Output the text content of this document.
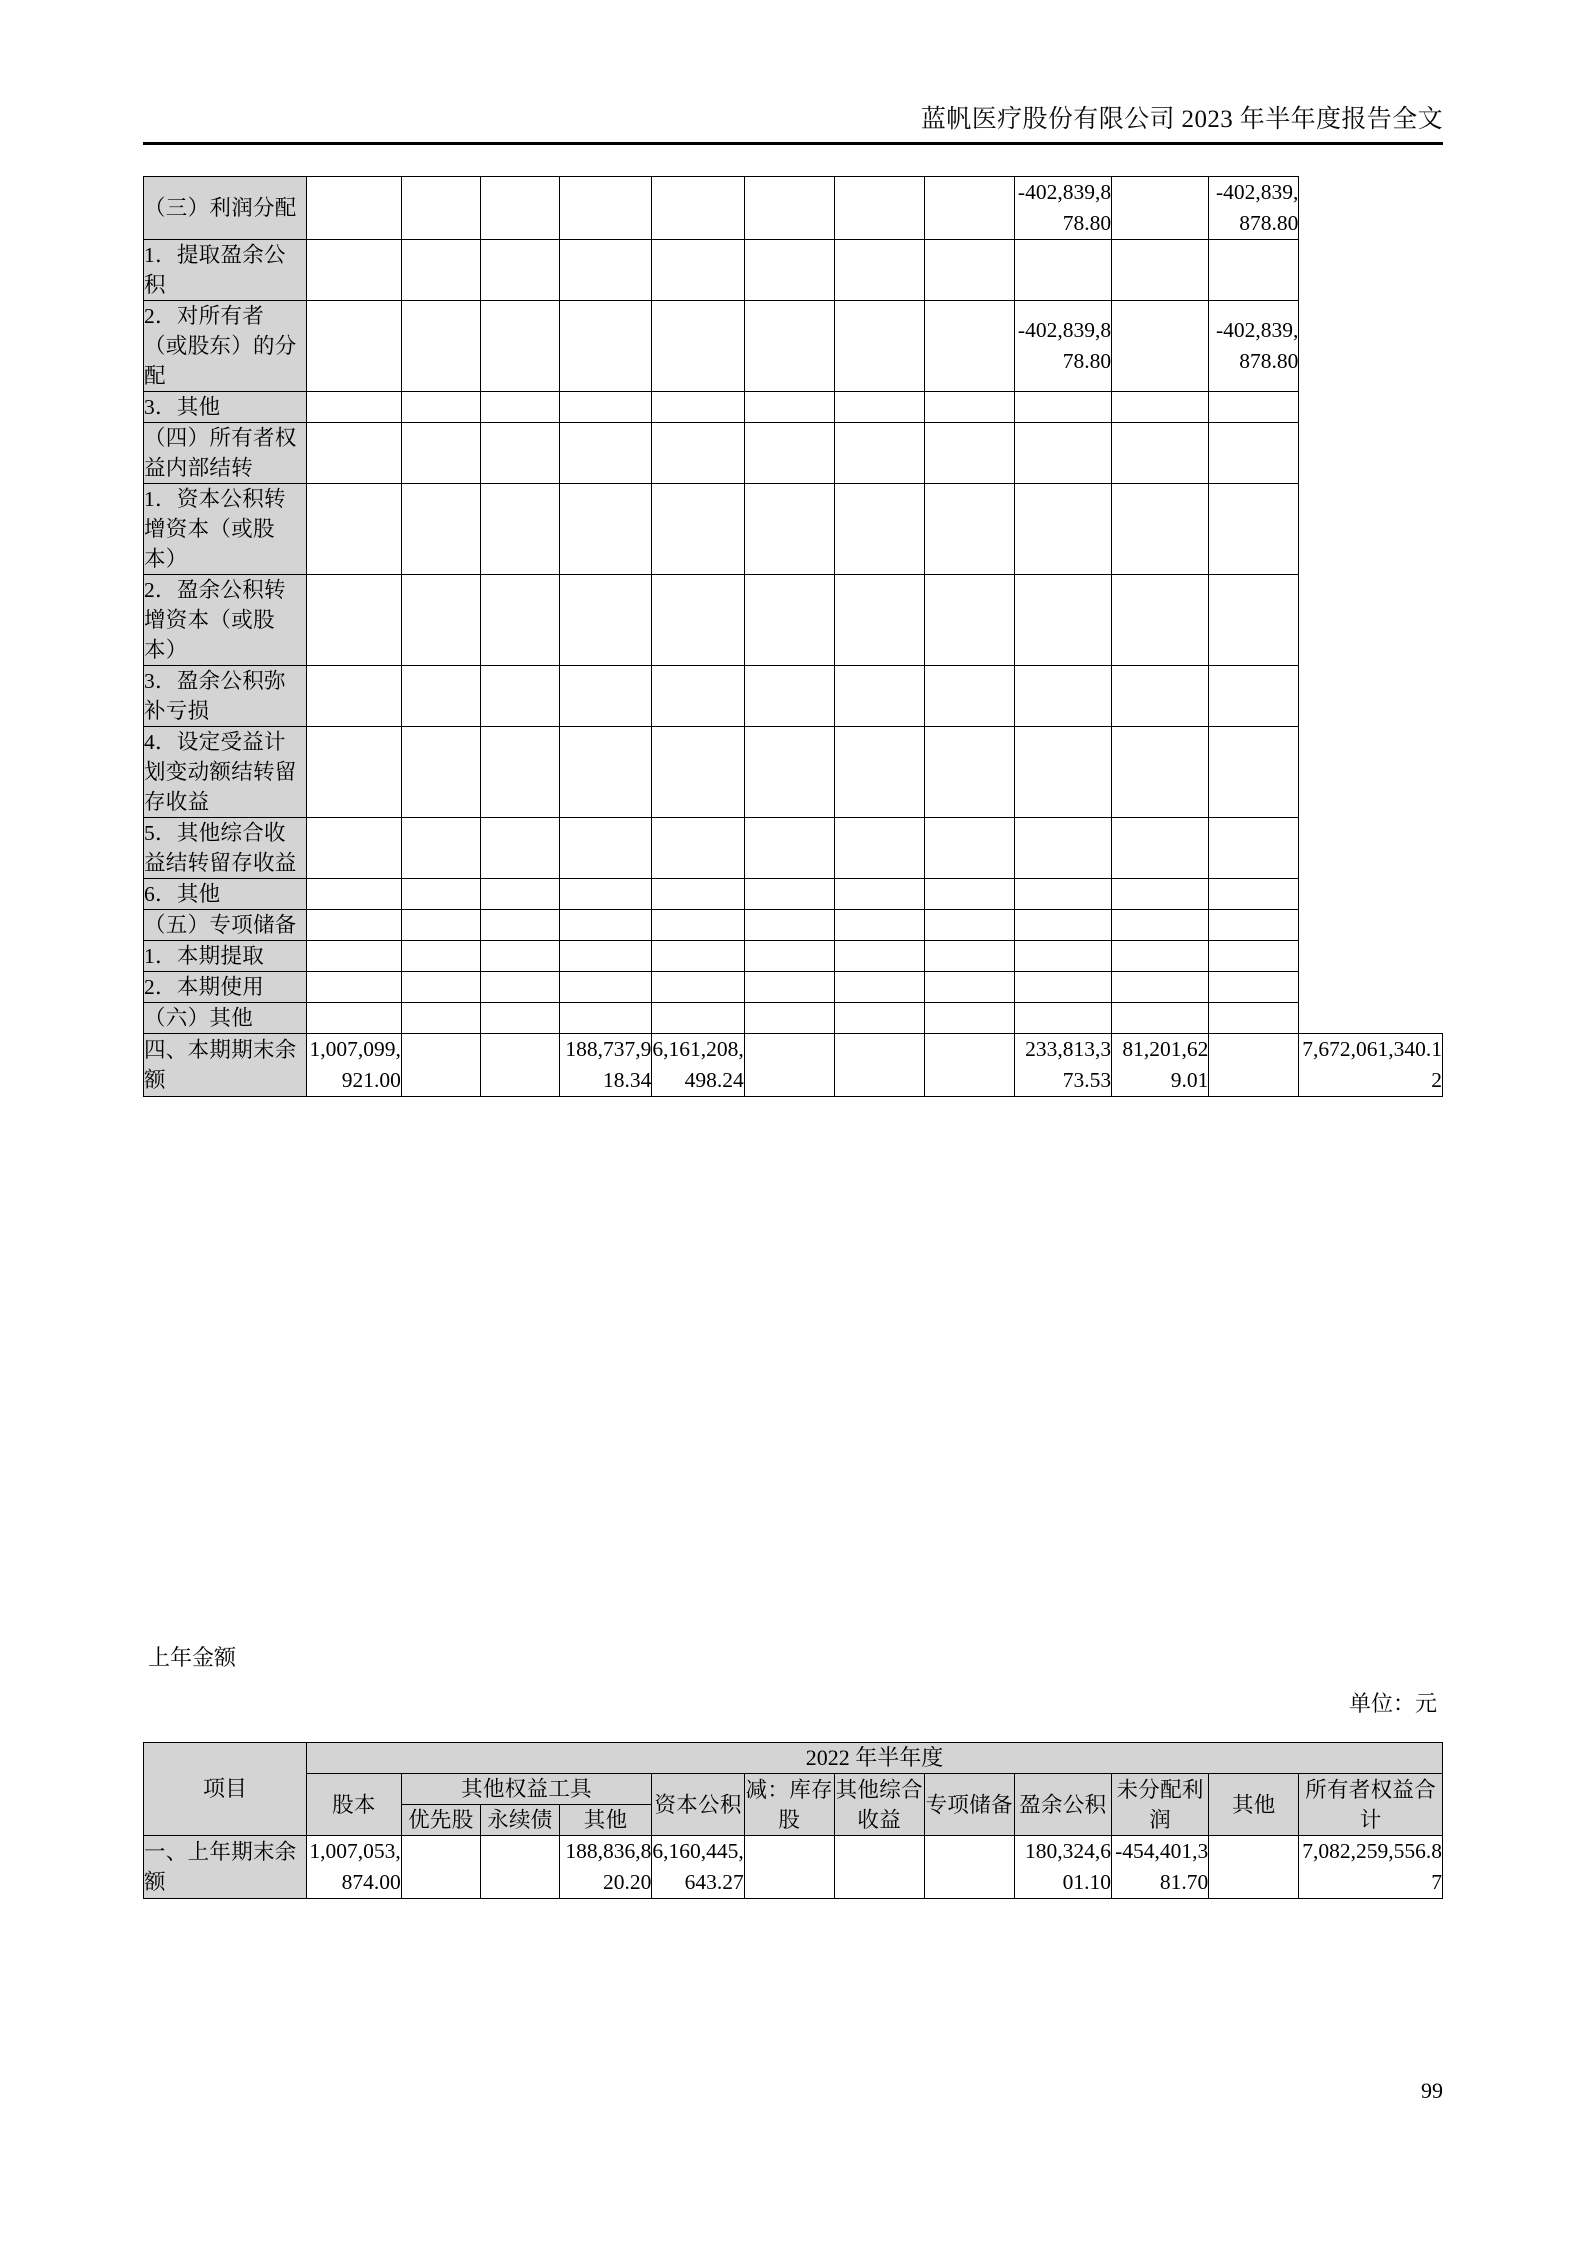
蓝帆医疗股份有限公司 2023 年半年度报告全文
（三）利润分配									-402,839,878.80		-402,839,878.80	
1．提取盈余公积												
2．对所有者（或股东）的分配									-402,839,878.80		-402,839,878.80	
3．其他												
（四）所有者权益内部结转												
1．资本公积转增资本（或股本）												
2．盈余公积转增资本（或股本）												
3．盈余公积弥补亏损												
4．设定受益计划变动额结转留存收益												
5．其他综合收益结转留存收益												
6．其他												
（五）专项储备												
1．本期提取												
2．本期使用												
（六）其他												
四、本期期末余额	1,007,099,921.00			188,737,918.34	6,161,208,498.24				233,813,373.53	81,201,629.01		7,672,061,340.12
上年金额
单位：元
项目	2022 年半年度											
	股本	其他权益工具			资本公积	减：库存股	其他综合收益	专项储备	盈余公积	未分配利润	其他	所有者权益合计
		优先股	永续债	其他								
一、上年期末余额	1,007,053,874.00			188,836,820.20	6,160,445,643.27				180,324,601.10	-454,401,381.70		7,082,259,556.87
99
